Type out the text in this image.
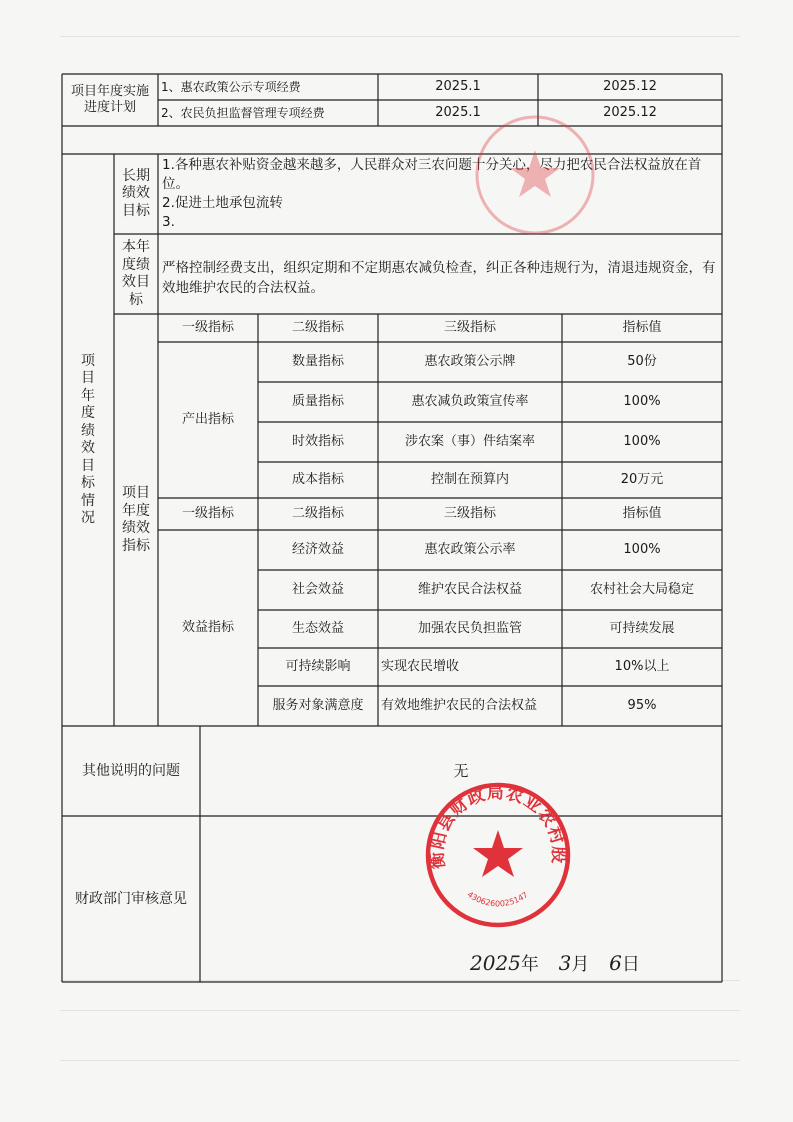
项目年度实施进度计划
1、惠农政策公示专项经费	2025.1	2025.12
2、农民负担监督管理专项经费	2025.1	2025.12
项目年度绩效目标情况
长期绩效目标
1.各种惠农补贴资金越来越多，人民群众对三农问题十分关心，尽力把农民合法权益放在首位。
2.促进土地承包流转
3.
本年度绩效目标
严格控制经费支出，组织定期和不定期惠农减负检查，纠正各种违规行为，清退违规资金，有效地维护农民的合法权益。
项目年度绩效指标
一级指标	二级指标	三级指标	指标值
产出指标
数量指标	惠农政策公示牌	50份
质量指标	惠农减负政策宣传率	100%
时效指标	涉农案（事）件结案率	100%
成本指标	控制在预算内	20万元
一级指标	二级指标	三级指标	指标值
效益指标
经济效益	惠农政策公示率	100%
社会效益	维护农民合法权益	农村社会大局稳定
生态效益	加强农民负担监管	可持续发展
可持续影响	实现农民增收	10%以上
服务对象满意度	有效地维护农民的合法权益	95%
其他说明的问题	无
财政部门审核意见
衡阳县财政局农业农村股
4306260025147
2025年 3月 6日
